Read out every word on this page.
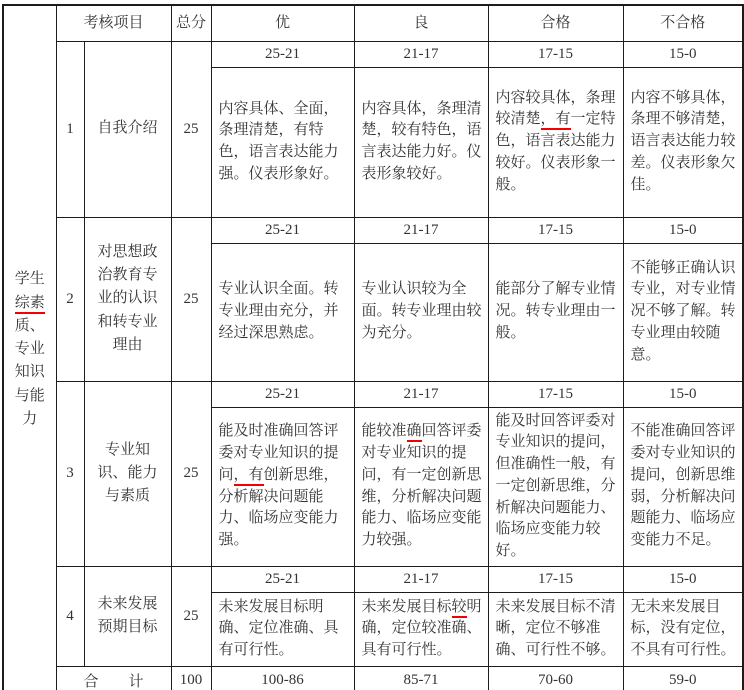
学生综素质、专业知识与能力	考核项目		总分	优	良	合格	不合格
	1	自我介绍	25	25-21	21-17	17-15	15-0
				内容具体、全面，条理清楚，有特色，语言表达能力强。仪表形象好。	内容具体，条理清楚，较有特色，语言表达能力好。仪表形象较好。	内容较具体，条理较清楚，有一定特色，语言表达能力较好。仪表形象一般。	内容不够具体，条理不够清楚，语言表达能力较差。仪表形象欠佳。
	2	对思想政治教育专业的认识和转专业理由	25	25-21	21-17	17-15	15-0
				专业认识全面。转专业理由充分，并经过深思熟虑。	专业认识较为全面。转专业理由较为充分。	能部分了解专业情况。转专业理由一般。	不能够正确认识专业，对专业情况不够了解。转专业理由较随意。
	3	专业知识、能力与素质	25	25-21	21-17	17-15	15-0
				能及时准确回答评委对专业知识的提问，有创新思维，分析解决问题能力、临场应变能力强。	能较准确回答评委对专业知识的提问，有一定创新思维，分析解决问题能力、临场应变能力较强。	能及时回答评委对专业知识的提问，但准确性一般，有一定创新思维，分析解决问题能力、临场应变能力较好。	不能准确回答评委对专业知识的提问，创新思维弱，分析解决问题能力、临场应变能力不足。
	4	未来发展预期目标	25	25-21	21-17	17-15	15-0
				未来发展目标明确、定位准确、具有可行性。	未来发展目标较明确，定位较准确、具有可行性。	未来发展目标不清晰，定位不够准确、可行性不够。	无未来发展目标，没有定位，不具有可行性。
	合　　计		100	100-86	85-71	70-60	59-0
